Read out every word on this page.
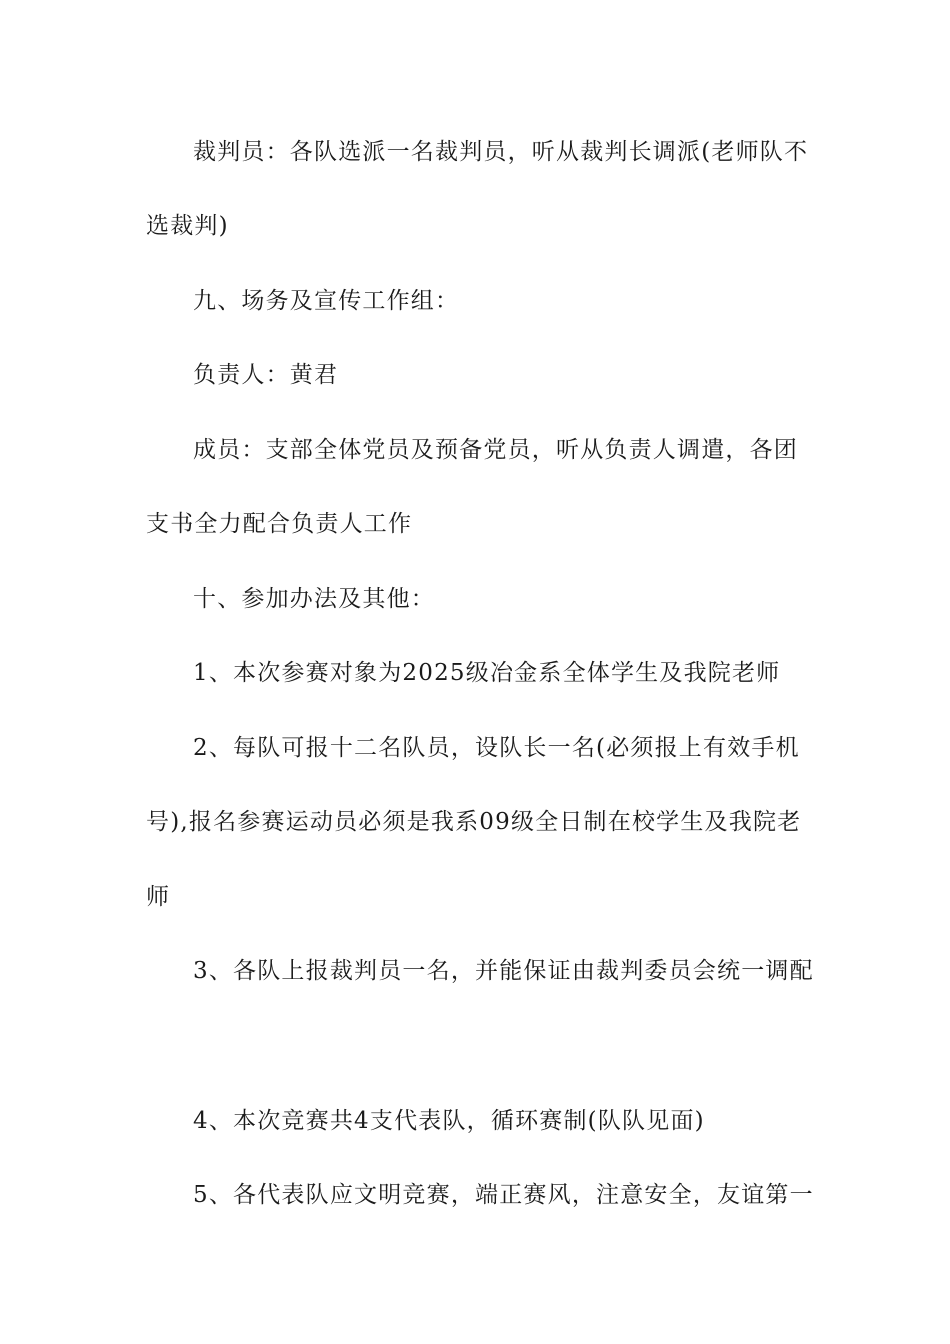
裁判员：各队选派一名裁判员，听从裁判长调派(老师队不
选裁判)
九、场务及宣传工作组：
负责人：黄君
成员：支部全体党员及预备党员，听从负责人调遣，各团
支书全力配合负责人工作
十、参加办法及其他：
1、本次参赛对象为2025级冶金系全体学生及我院老师
2、每队可报十二名队员，设队长一名(必须报上有效手机
号),报名参赛运动员必须是我系09级全日制在校学生及我院老
师
3、各队上报裁判员一名，并能保证由裁判委员会统一调配
4、本次竞赛共4支代表队，循环赛制(队队见面)
5、各代表队应文明竞赛，端正赛风，注意安全，友谊第一
